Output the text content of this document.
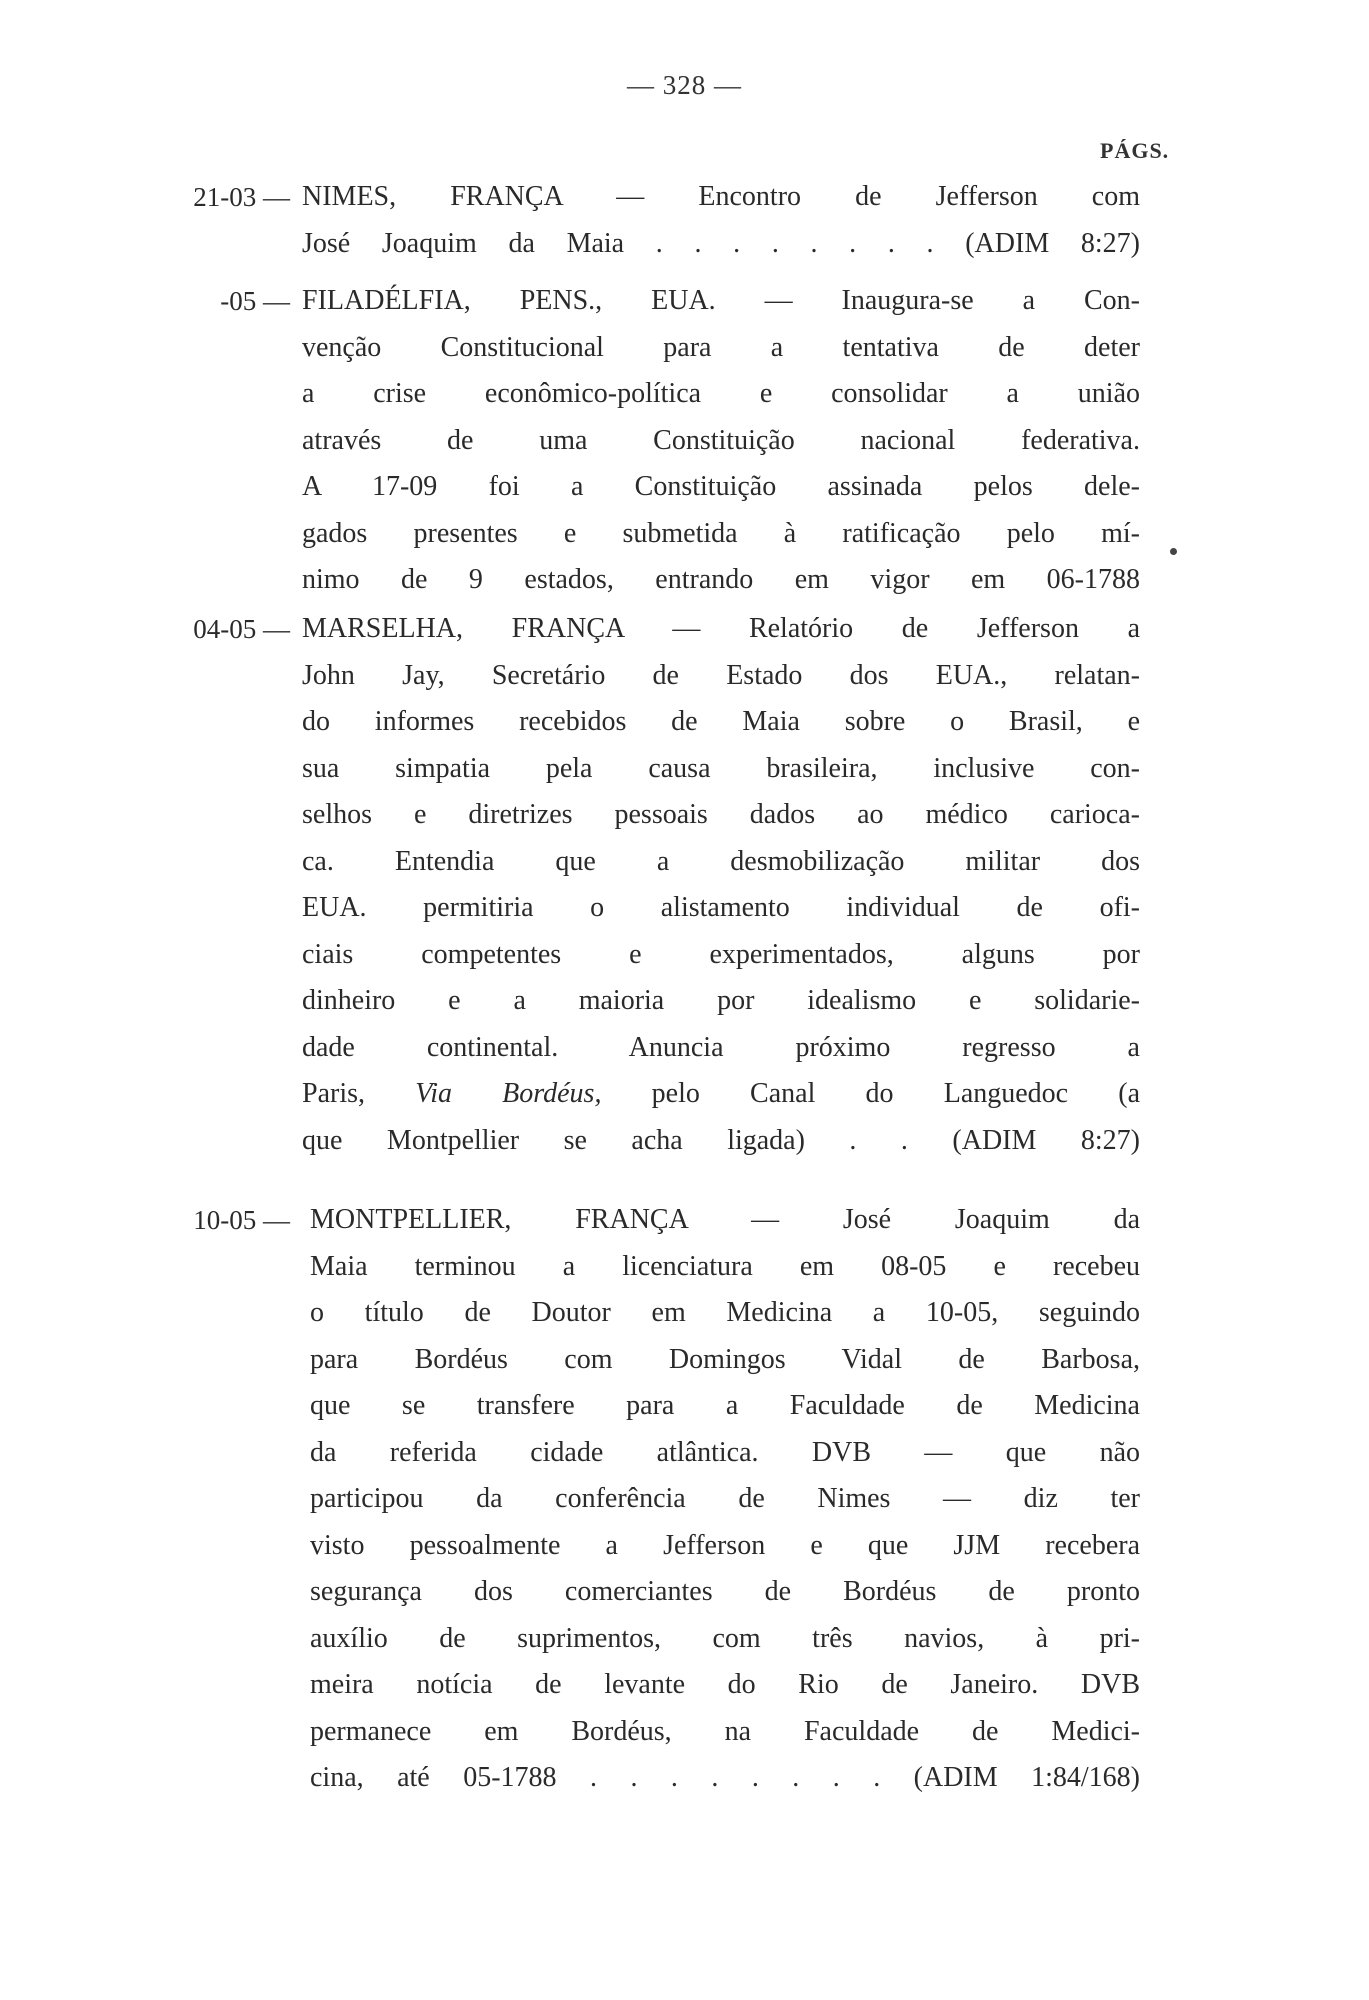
— 328 —
PÁGS.
21-03 — NIMES, FRANÇA — Encontro de Jefferson com
José Joaquim da Maia . . . . . . . . (ADIM 8:27)
-05 — FILADÉLFIA, PENS., EUA. — Inaugura-se a Con-
venção Constitucional para a tentativa de deter
a crise econômico-política e consolidar a união
através de uma Constituição nacional federativa.
A 17-09 foi a Constituição assinada pelos dele-
gados presentes e submetida à ratificação pelo mí-
nimo de 9 estados, entrando em vigor em 06-1788
04-05 — MARSELHA, FRANÇA — Relatório de Jefferson a
John Jay, Secretário de Estado dos EUA., relatan-
do informes recebidos de Maia sobre o Brasil, e
sua simpatia pela causa brasileira, inclusive con-
selhos e diretrizes pessoais dados ao médico carioca-
ca. Entendia que a desmobilização militar dos
EUA. permitiria o alistamento individual de ofi-
ciais competentes e experimentados, alguns por
dinheiro e a maioria por idealismo e solidarie-
dade continental. Anuncia próximo regresso a
Paris, Via Bordéus, pelo Canal do Languedoc (a
que Montpellier se acha ligada) . . (ADIM 8:27)
10-05 — MONTPELLIER, FRANÇA — José Joaquim da
Maia terminou a licenciatura em 08-05 e recebeu
o título de Doutor em Medicina a 10-05, seguindo
para Bordéus com Domingos Vidal de Barbosa,
que se transfere para a Faculdade de Medicina
da referida cidade atlântica. DVB — que não
participou da conferência de Nimes — diz ter
visto pessoalmente a Jefferson e que JJM recebera
segurança dos comerciantes de Bordéus de pronto
auxílio de suprimentos, com três navios, à pri-
meira notícia de levante do Rio de Janeiro. DVB
permanece em Bordéus, na Faculdade de Medici-
cina, até 05-1788 . . . . . . . . (ADIM 1:84/168)
